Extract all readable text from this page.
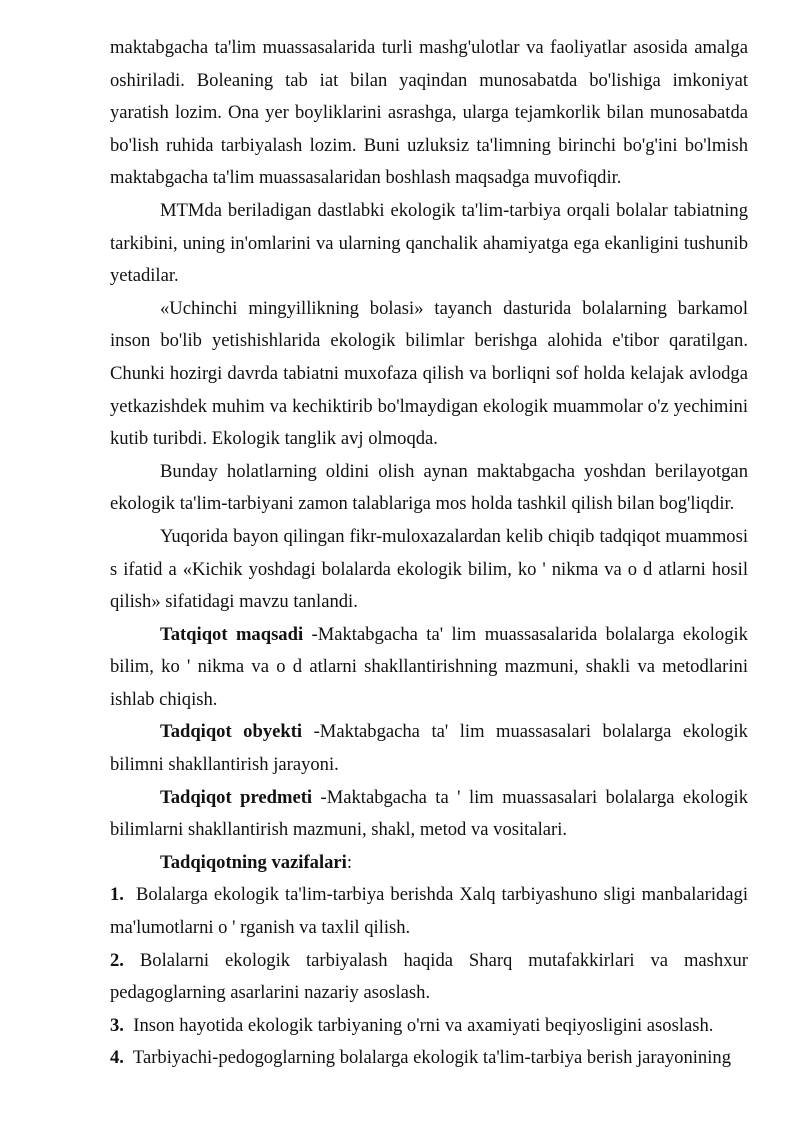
maktabgacha ta'lim muassasalarida turli mashg'ulotlar va faoliyatlar asosida amalga oshiriladi. Boleaning tab iat bilan yaqindan munosabatda bo'lishiga imkoniyat yaratish lozim. Ona yer boyliklarini asrashga, ularga tejamkorlik bilan munosabatda bo'lish ruhida tarbiyalash lozim. Buni uzluksiz ta'limning birinchi bo'g'ini bo'lmish maktabgacha ta'lim muassasalaridan boshlash maqsadga muvofiqdir.

MTMda beriladigan dastlabki ekologik ta'lim-tarbiya orqali bolalar tabiatning tarkibini, uning in'omlarini va ularning qanchalik ahamiyatga ega ekanligini tushunib yetadilar.

«Uchinchi mingyillikning bolasi» tayanch dasturida bolalarning barkamol inson bo'lib yetishishlarida ekologik bilimlar berishga alohida e'tibor qaratilgan. Chunki hozirgi davrda tabiatni muxofaza qilish va borliqni sof holda kelajak avlodga yetkazishdek muhim va kechiktirib bo'lmaydigan ekologik muammolar o'z yechimini kutib turibdi. Ekologik tanglik avj olmoqda.

Bunday holatlarning oldini olish aynan maktabgacha yoshdan berilayotgan ekologik ta'lim-tarbiyani zamon talablariga mos holda tashkil qilish bilan bog'liqdir.

Yuqorida bayon qilingan fikr-muloxazalardan kelib chiqib tadqiqot muammosi s ifatid a «Kichik yoshdagi bolalarda ekologik bilim, ko ' nikma va o d atlarni hosil qilish» sifatidagi mavzu tanlandi.

Tatqiqot maqsadi -Maktabgacha ta' lim muassasalarida bolalarga ekologik bilim, ko ' nikma va o d atlarni shakllantirishning mazmuni, shakli va metodlarini ishlab chiqish.

Tadqiqot obyekti -Maktabgacha ta' lim muassasalari bolalarga ekologik bilimni shakllantirish jarayoni.

Tadqiqot predmeti -Maktabgacha ta ' lim muassasalari bolalarga ekologik bilimlarni shakllantirish mazmuni, shakl, metod va vositalari.

Tadqiqotning vazifalari:

1. Bolalarga ekologik ta'lim-tarbiya berishda Xalq tarbiyashuno sligi manbalaridagi ma'lumotlarni o ' rganish va taxlil qilish.

2. Bolalarni ekologik tarbiyalash haqida Sharq mutafakkirlari va mashxur pedagoglarning asarlarini nazariy asoslash.

3. Inson hayotida ekologik tarbiyaning o'rni va axamiyati beqiyosligini asoslash.

4. Tarbiyachi-pedogoglarning bolalarga ekologik ta'lim-tarbiya berish jarayonining
